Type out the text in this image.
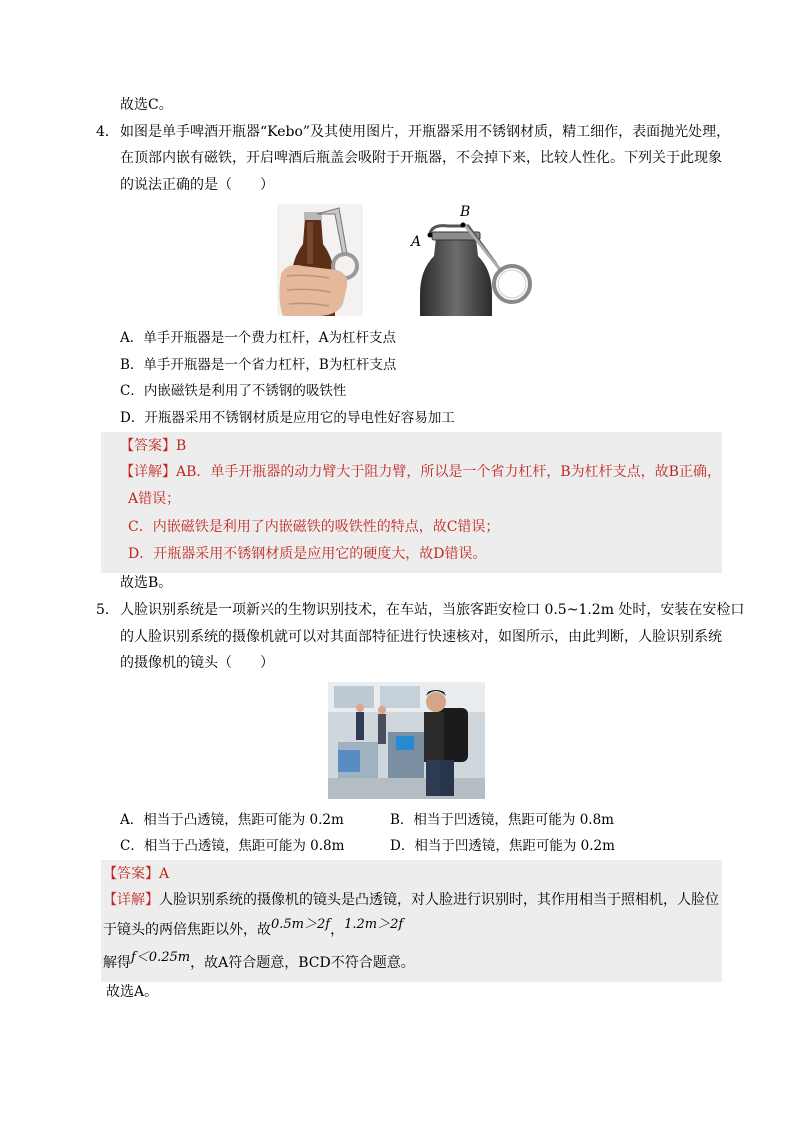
故选C。
4． 如图是单手啤酒开瓶器“Kebo”及其使用图片，开瓶器采用不锈钢材质，精工细作，表面抛光处理，
在顶部内嵌有磁铁，开启啤酒后瓶盖会吸附于开瓶器，不会掉下来，比较人性化。下列关于此现象
的说法正确的是（　　）
A
B
A．单手开瓶器是一个费力杠杆，A为杠杆支点
B．单手开瓶器是一个省力杠杆，B为杠杆支点
C．内嵌磁铁是利用了不锈钢的吸铁性
D．开瓶器采用不锈钢材质是应用它的导电性好容易加工
【答案】B
【详解】AB．单手开瓶器的动力臂大于阻力臂，所以是一个省力杠杆，B为杠杆支点，故B正确，
A错误；
C．内嵌磁铁是利用了内嵌磁铁的吸铁性的特点，故C错误；
D．开瓶器采用不锈钢材质是应用它的硬度大，故D错误。
故选B。
5． 人脸识别系统是一项新兴的生物识别技术，在车站，当旅客距安检口 0.5~1.2m 处时，安装在安检口
的人脸识别系统的摄像机就可以对其面部特征进行快速核对，如图所示，由此判断，人脸识别系统
的摄像机的镜头（　　）
A．相当于凸透镜，焦距可能为 0.2m	B．相当于凹透镜，焦距可能为 0.8m
C．相当于凸透镜，焦距可能为 0.8m	D．相当于凹透镜，焦距可能为 0.2m
【答案】A
【详解】人脸识别系统的摄像机的镜头是凸透镜，对人脸进行识别时，其作用相当于照相机，人脸位
于镜头的两倍焦距以外，故0.5m＞2f，1.2m＞2f
解得f＜0.25m，故A符合题意，BCD不符合题意。
故选A。
